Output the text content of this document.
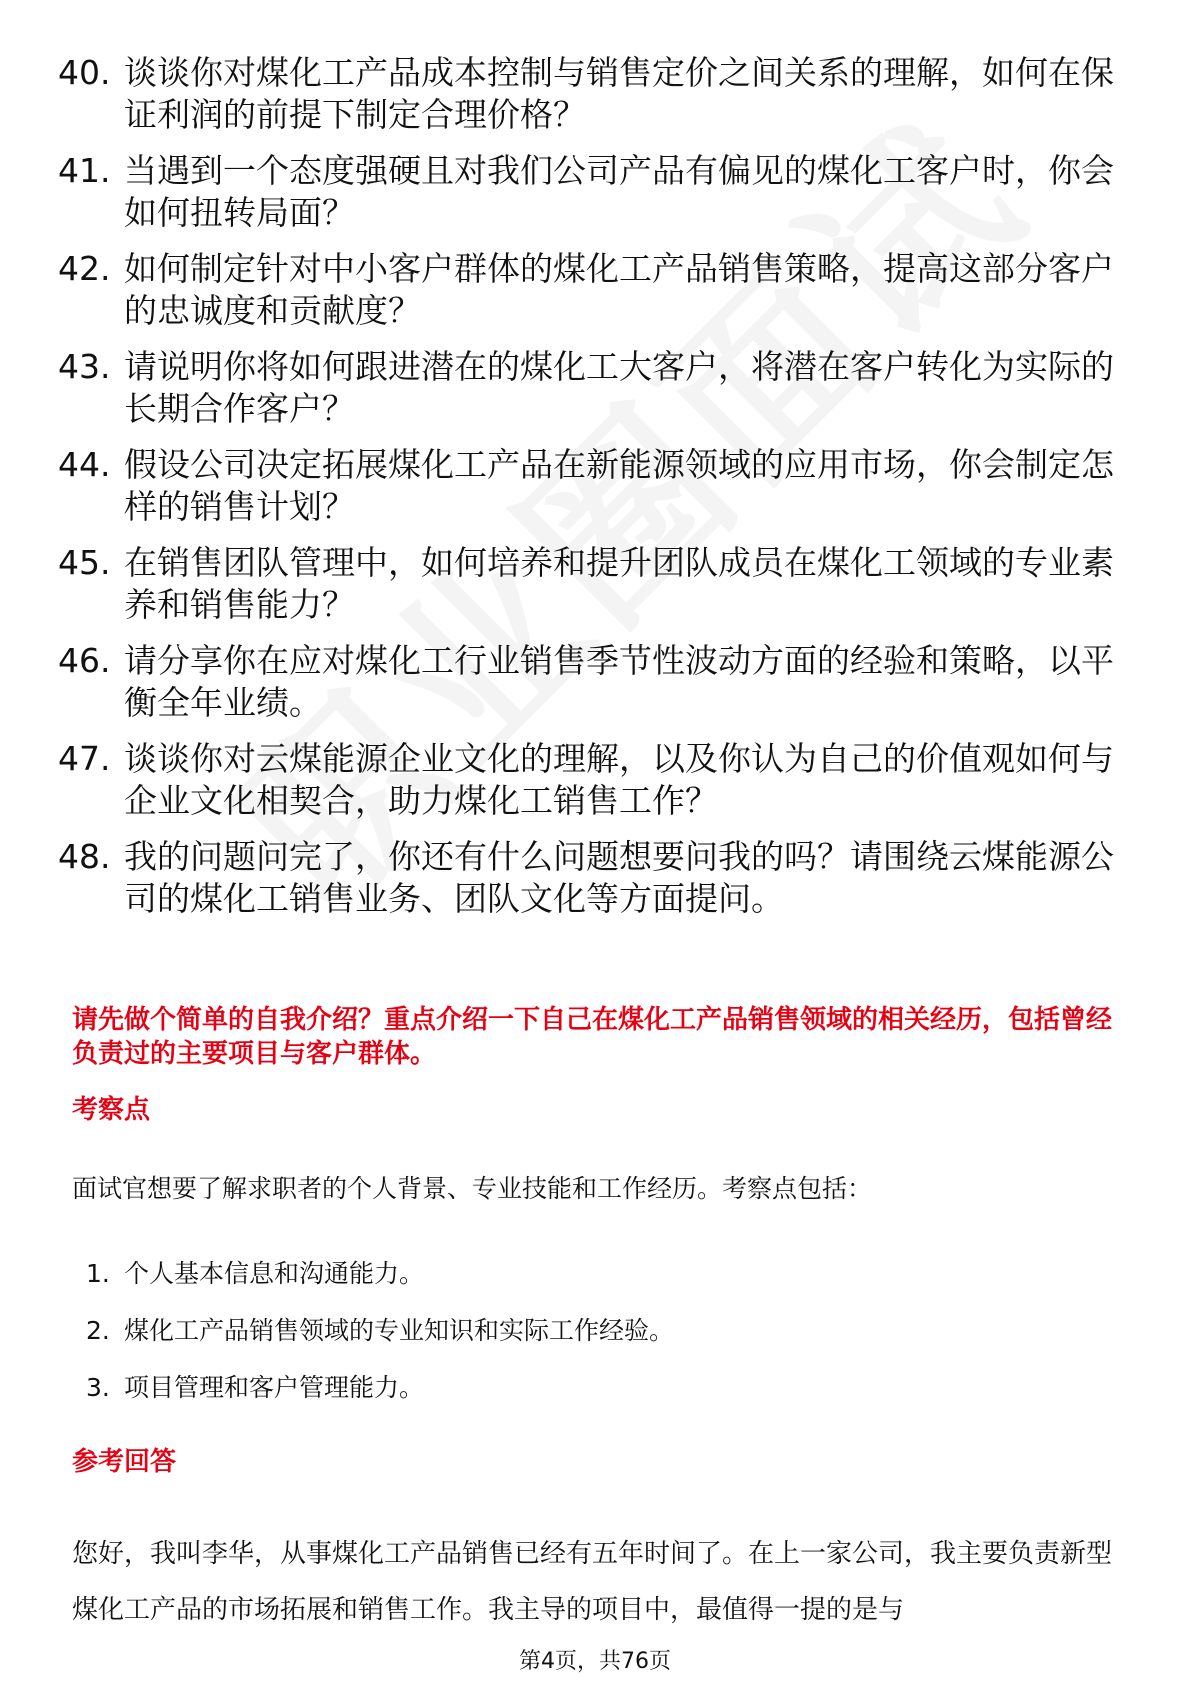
40. 谈谈你对煤化工产品成本控制与销售定价之间关系的理解，如何在保证利润的前提下制定合理价格？
41. 当遇到一个态度强硬且对我们公司产品有偏见的煤化工客户时，你会如何扭转局面？
42. 如何制定针对中小客户群体的煤化工产品销售策略，提高这部分客户的忠诚度和贡献度？
43. 请说明你将如何跟进潜在的煤化工大客户，将潜在客户转化为实际的长期合作客户？
44. 假设公司决定拓展煤化工产品在新能源领域的应用市场，你会制定怎样的销售计划？
45. 在销售团队管理中，如何培养和提升团队成员在煤化工领域的专业素养和销售能力？
46. 请分享你在应对煤化工行业销售季节性波动方面的经验和策略，以平衡全年业绩。
47. 谈谈你对云煤能源企业文化的理解，以及你认为自己的价值观如何与企业文化相契合，助力煤化工销售工作？
48. 我的问题问完了，你还有什么问题想要问我的吗？请围绕云煤能源公司的煤化工销售业务、团队文化等方面提问。
请先做个简单的自我介绍？重点介绍一下自己在煤化工产品销售领域的相关经历，包括曾经负责过的主要项目与客户群体。
考察点
面试官想要了解求职者的个人背景、专业技能和工作经历。考察点包括：
1. 个人基本信息和沟通能力。
2. 煤化工产品销售领域的专业知识和实际工作经验。
3. 项目管理和客户管理能力。
参考回答
您好，我叫李华，从事煤化工产品销售已经有五年时间了。在上一家公司，我主要负责新型煤化工产品的市场拓展和销售工作。我主导的项目中，最值得一提的是与
第4页，共76页
